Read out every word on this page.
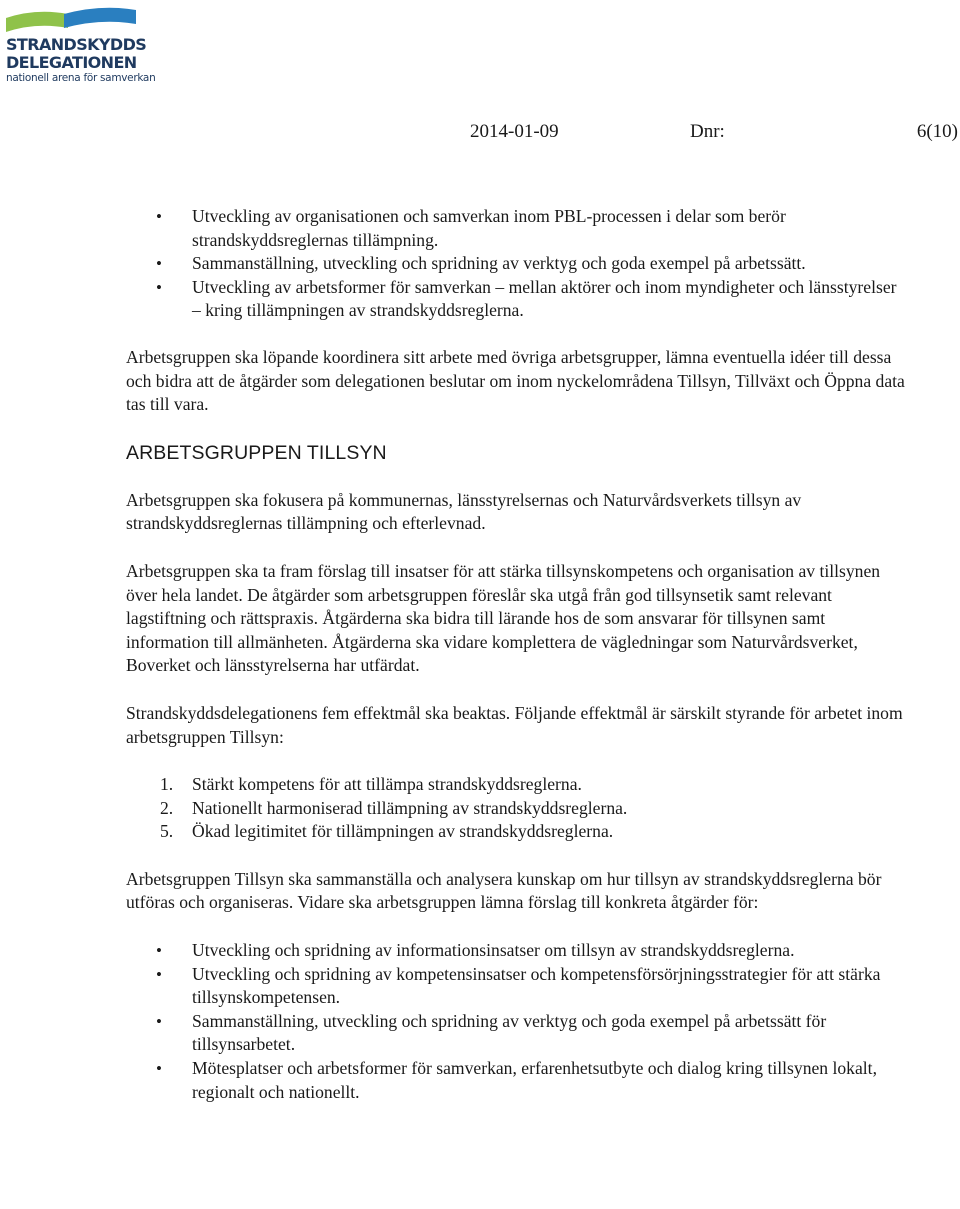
STRANDSKYDDS
DELEGATIONEN
nationell arena för samverkan
2014-01-09	Dnr:	6(10)
• Utveckling av organisationen och samverkan inom PBL-processen i delar som berör strandskyddsreglernas tillämpning.
• Sammanställning, utveckling och spridning av verktyg och goda exempel på arbetssätt.
• Utveckling av arbetsformer för samverkan – mellan aktörer och inom myndigheter och länsstyrelser – kring tillämpningen av strandskyddsreglerna.

Arbetsgruppen ska löpande koordinera sitt arbete med övriga arbetsgrupper, lämna eventuella idéer till dessa och bidra att de åtgärder som delegationen beslutar om inom nyckelområdena Tillsyn, Tillväxt och Öppna data tas till vara.

ARBETSGRUPPEN TILLSYN

Arbetsgruppen ska fokusera på kommunernas, länsstyrelsernas och Naturvårdsverkets tillsyn av strandskyddsreglernas tillämpning och efterlevnad.

Arbetsgruppen ska ta fram förslag till insatser för att stärka tillsynskompetens och organisation av tillsynen över hela landet. De åtgärder som arbetsgruppen föreslår ska utgå från god tillsynsetik samt relevant lagstiftning och rättspraxis. Åtgärderna ska bidra till lärande hos de som ansvarar för tillsynen samt information till allmänheten. Åtgärderna ska vidare komplettera de vägledningar som Naturvårdsverket, Boverket och länsstyrelserna har utfärdat.

Strandskyddsdelegationens fem effektmål ska beaktas. Följande effektmål är särskilt styrande för arbetet inom arbetsgruppen Tillsyn:

1. Stärkt kompetens för att tillämpa strandskyddsreglerna.
2. Nationellt harmoniserad tillämpning av strandskyddsreglerna.
5. Ökad legitimitet för tillämpningen av strandskyddsreglerna.

Arbetsgruppen Tillsyn ska sammanställa och analysera kunskap om hur tillsyn av strandskyddsreglerna bör utföras och organiseras. Vidare ska arbetsgruppen lämna förslag till konkreta åtgärder för:

• Utveckling och spridning av informationsinsatser om tillsyn av strandskyddsreglerna.
• Utveckling och spridning av kompetensinsatser och kompetensförsörjningsstrategier för att stärka tillsynskompetensen.
• Sammanställning, utveckling och spridning av verktyg och goda exempel på arbetssätt för tillsynsarbetet.
• Mötesplatser och arbetsformer för samverkan, erfarenhetsutbyte och dialog kring tillsynen lokalt, regionalt och nationellt.
